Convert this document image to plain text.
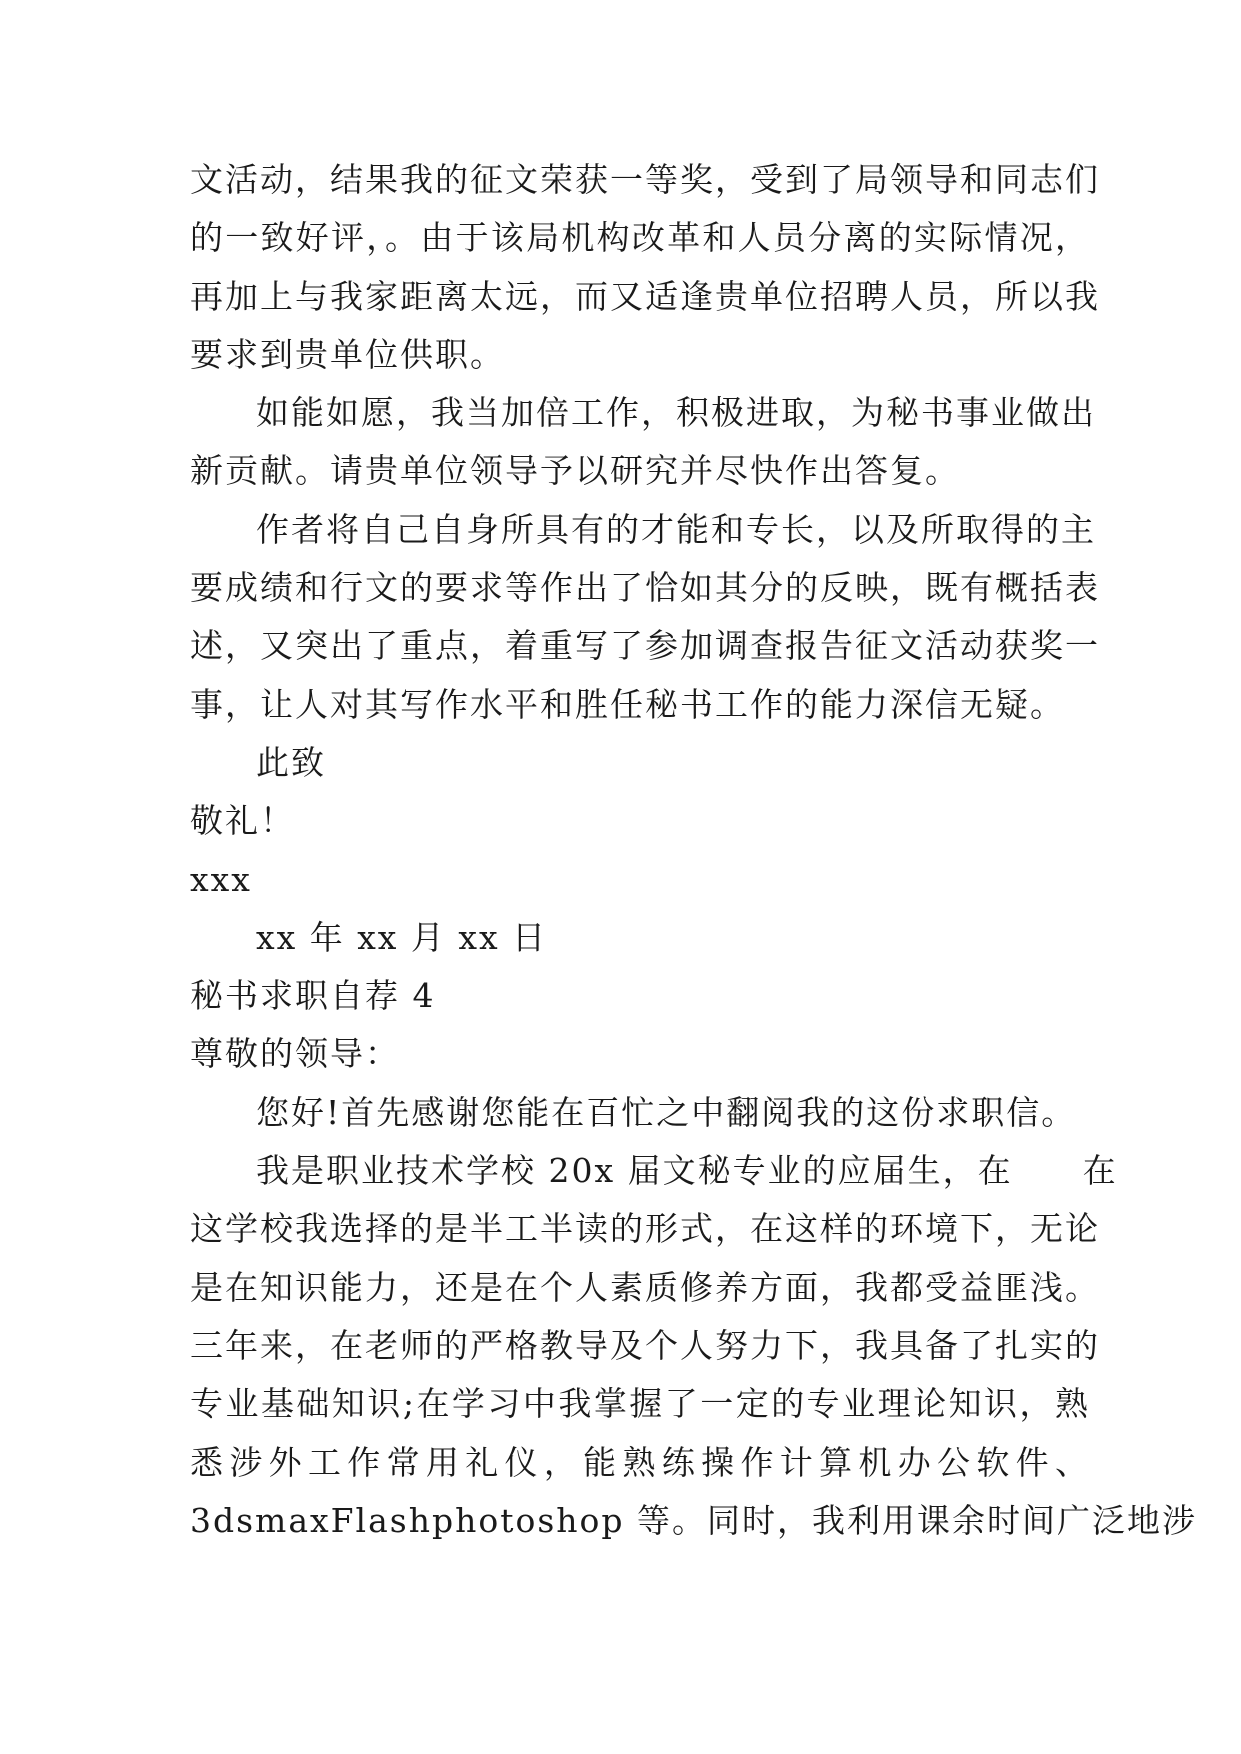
文活动，结果我的征文荣获一等奖，受到了局领导和同志们
的一致好评，。由于该局机构改革和人员分离的实际情况，
再加上与我家距离太远，而又适逢贵单位招聘人员，所以我
要求到贵单位供职。
如能如愿，我当加倍工作，积极进取，为秘书事业做出
新贡献。请贵单位领导予以研究并尽快作出答复。
作者将自己自身所具有的才能和专长，以及所取得的主
要成绩和行文的要求等作出了恰如其分的反映，既有概括表
述，又突出了重点，着重写了参加调查报告征文活动获奖一
事，让人对其写作水平和胜任秘书工作的能力深信无疑。
此致
敬礼！
xxx
xx 年 xx 月 xx 日
秘书求职自荐 4
尊敬的领导：
您好!首先感谢您能在百忙之中翻阅我的这份求职信。
我是职业技术学校 20x 届文秘专业的应届生，在　　在
这学校我选择的是半工半读的形式，在这样的环境下，无论
是在知识能力，还是在个人素质修养方面，我都受益匪浅。
三年来，在老师的严格教导及个人努力下，我具备了扎实的
专业基础知识;在学习中我掌握了一定的专业理论知识，熟
悉涉外工作常用礼仪，能熟练操作计算机办公软件、
3dsmaxFlashphotoshop 等。同时，我利用课余时间广泛地涉
